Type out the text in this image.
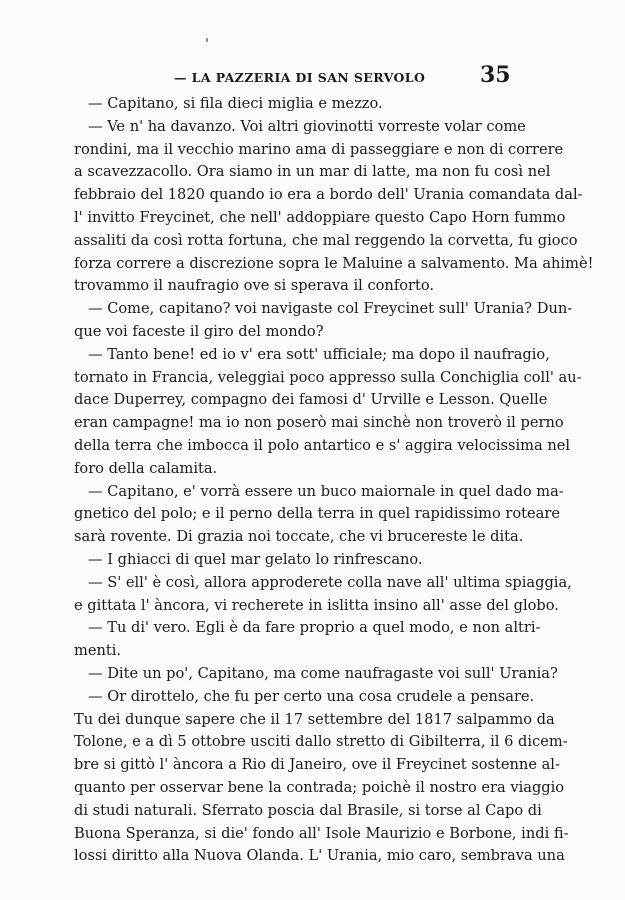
— LA PAZZERIA DI SAN SERVOLO 35
— Capitano, si fila dieci miglia e mezzo.
— Ve n' ha davanzo. Voi altri giovinotti vorreste volar come
rondini, ma il vecchio marino ama di passeggiare e non di correre
a scavezzacollo. Ora siamo in un mar di latte, ma non fu così nel
febbraio del 1820 quando io era a bordo dell' Urania comandata dal-
l' invitto Freycinet, che nell' addoppiare questo Capo Horn fummo
assaliti da così rotta fortuna, che mal reggendo la corvetta, fu gioco
forza correre a discrezione sopra le Maluine a salvamento. Ma ahimè!
trovammo il naufragio ove si sperava il conforto.
— Come, capitano? voi navigaste col Freycinet sull' Urania? Dun-
que voi faceste il giro del mondo?
— Tanto bene! ed io v' era sott' ufficiale; ma dopo il naufragio,
tornato in Francia, veleggiai poco appresso sulla Conchiglia coll' au-
dace Duperrey, compagno dei famosi d' Urville e Lesson. Quelle
eran campagne! ma io non poserò mai sinchè non troverò il perno
della terra che imbocca il polo antartico e s' aggira velocissima nel
foro della calamita.
— Capitano, e' vorrà essere un buco maiornale in quel dado ma-
gnetico del polo; e il perno della terra in quel rapidissimo roteare
sarà rovente. Di grazia noi toccate, che vi brucereste le dita.
— I ghiacci di quel mar gelato lo rinfrescano.
— S' ell' è così, allora approderete colla nave all' ultima spiaggia,
e gittata l' àncora, vi recherete in islitta insino all' asse del globo.
— Tu di' vero. Egli è da fare proprio a quel modo, e non altri-
menti.
— Dite un po', Capitano, ma come naufragaste voi sull' Urania?
— Or dirottelo, che fu per certo una cosa crudele a pensare.
Tu dei dunque sapere che il 17 settembre del 1817 salpammo da
Tolone, e a dì 5 ottobre usciti dallo stretto di Gibilterra, il 6 dicem-
bre si gittò l' àncora a Rio di Janeiro, ove il Freycinet sostenne al-
quanto per osservar bene la contrada; poichè il nostro era viaggio
di studi naturali. Sferrato poscia dal Brasile, si torse al Capo di
Buona Speranza, si die' fondo all' Isole Maurizio e Borbone, indi fi-
lossi diritto alla Nuova Olanda. L' Urania, mio caro, sembrava una
